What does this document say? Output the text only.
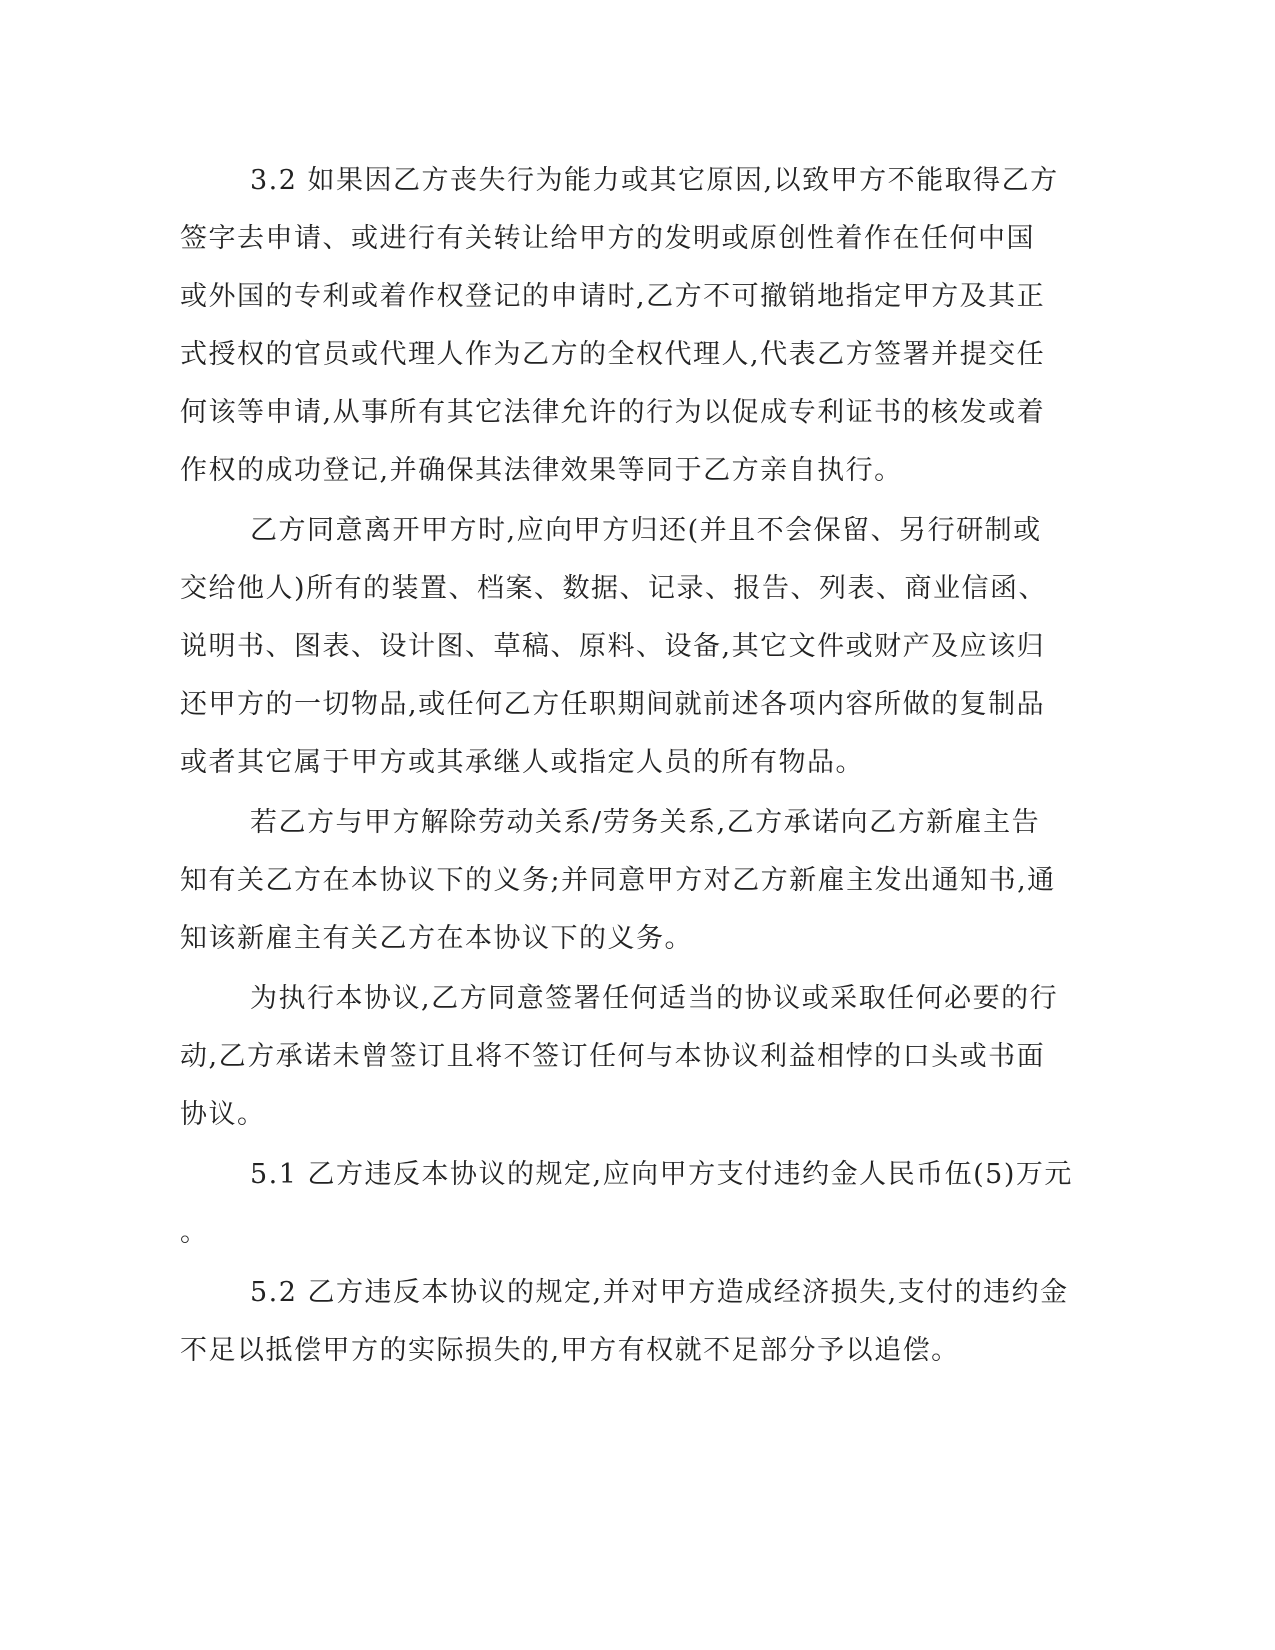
3.2 如果因乙方丧失行为能力或其它原因,以致甲方不能取得乙方
签字去申请、或进行有关转让给甲方的发明或原创性着作在任何中国
或外国的专利或着作权登记的申请时,乙方不可撤销地指定甲方及其正
式授权的官员或代理人作为乙方的全权代理人,代表乙方签署并提交任
何该等申请,从事所有其它法律允许的行为以促成专利证书的核发或着
作权的成功登记,并确保其法律效果等同于乙方亲自执行。
乙方同意离开甲方时,应向甲方归还(并且不会保留、另行研制或
交给他人)所有的装置、档案、数据、记录、报告、列表、商业信函、
说明书、图表、设计图、草稿、原料、设备,其它文件或财产及应该归
还甲方的一切物品,或任何乙方任职期间就前述各项内容所做的复制品
或者其它属于甲方或其承继人或指定人员的所有物品。
若乙方与甲方解除劳动关系/劳务关系,乙方承诺向乙方新雇主告
知有关乙方在本协议下的义务;并同意甲方对乙方新雇主发出通知书,通
知该新雇主有关乙方在本协议下的义务。
为执行本协议,乙方同意签署任何适当的协议或采取任何必要的行
动,乙方承诺未曾签订且将不签订任何与本协议利益相悖的口头或书面
协议。
5.1 乙方违反本协议的规定,应向甲方支付违约金人民币伍(5)万元
。
5.2 乙方违反本协议的规定,并对甲方造成经济损失,支付的违约金
不足以抵偿甲方的实际损失的,甲方有权就不足部分予以追偿。
